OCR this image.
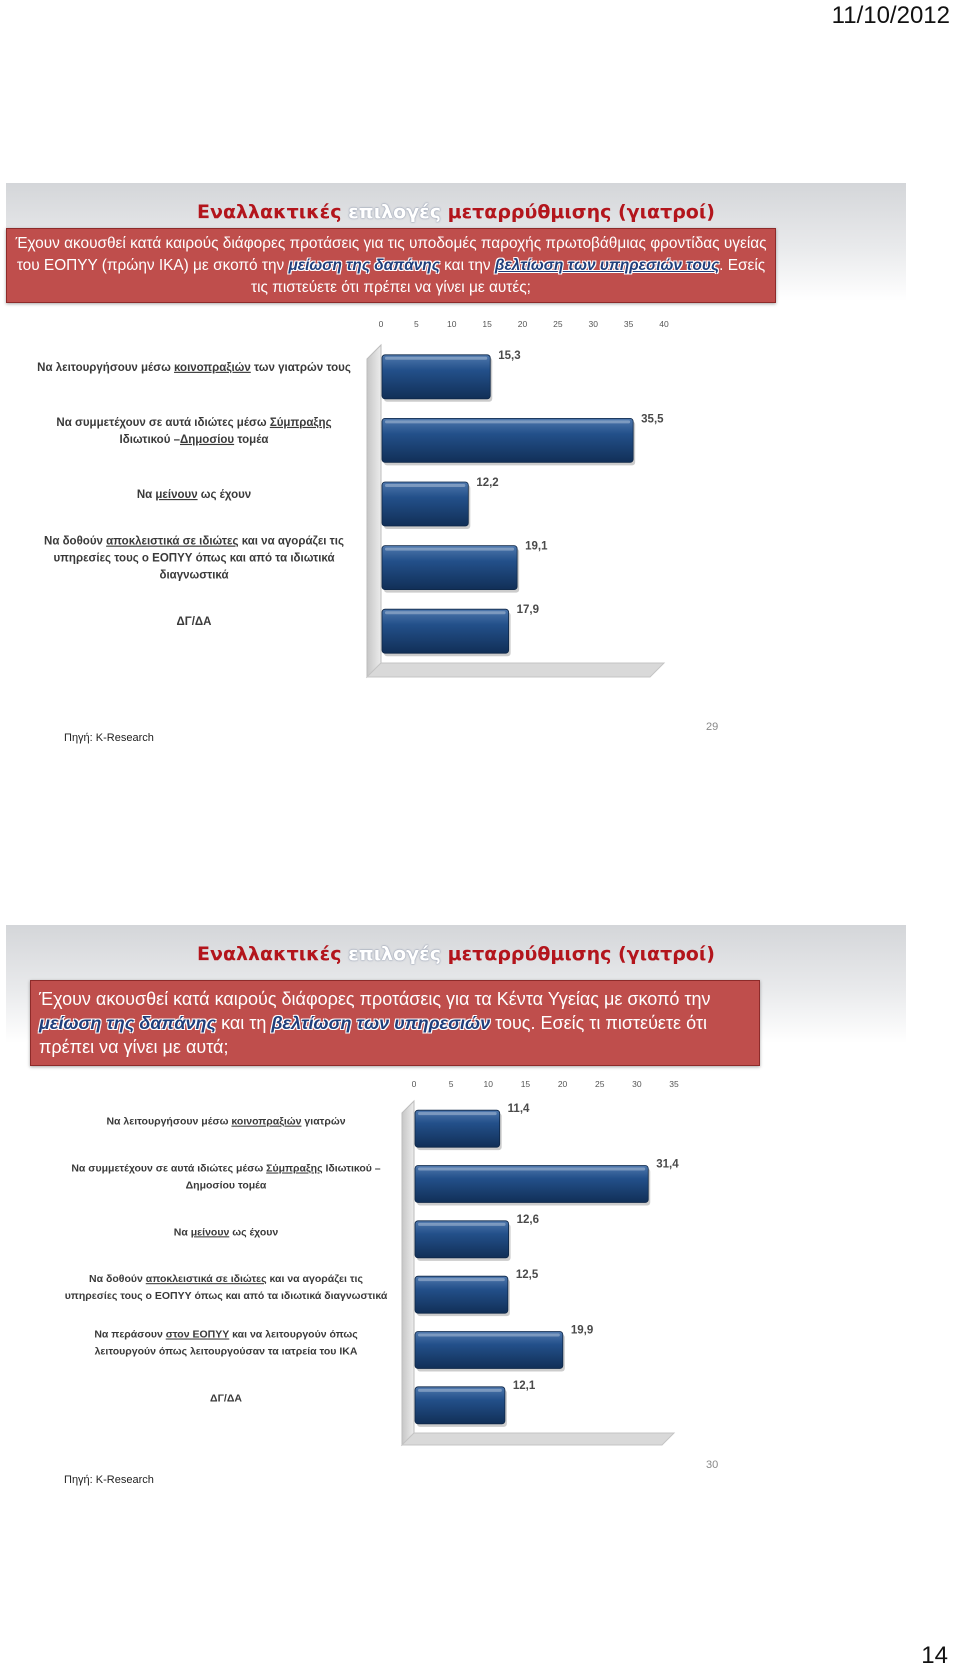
11/10/2012
Εναλλακτικές επιλογές μεταρρύθμισης (γιατροί)

Έχουν ακουσθεί κατά καιρούς διάφορες προτάσεις για τις υποδομές παροχής πρωτοβάθμιας φροντίδας υγείας του ΕΟΠΥΥ (πρώην ΙΚΑ) με σκοπό την μείωση της δαπάνης και την βελτίωση των υπηρεσιών τους. Εσείς τις πιστεύετε ότι πρέπει να γίνει με αυτές;

0	5	10	15	20	25	30	35	40
15,3
Να λειτουργήσουν μέσω κοινοπραξιών των γιατρών τους
35,5
Να συμμετέχουν σε αυτά ιδιώτες μέσω Σύμπραξης
Ιδιωτικού –Δημοσίου τομέα
12,2
Να μείνουν ως έχουν
19,1
Να δοθούν αποκλειστικά σε ιδιώτες και να αγοράζει τις
υπηρεσίες τους ο ΕΟΠΥΥ όπως και από τα ιδιωτικά
διαγνωστικά
17,9
ΔΓ/ΔΑ
Πηγή: K-Research
29
Εναλλακτικές επιλογές μεταρρύθμισης (γιατροί)

Έχουν ακουσθεί κατά καιρούς διάφορες προτάσεις για τα Κέντα Υγείας με σκοπό την μείωση της δαπάνης και τη βελτίωση των υπηρεσιών τους. Εσείς τι πιστεύετε ότι πρέπει να γίνει με αυτά;

0	5	10	15	20	25	30	35
11,4
Να λειτουργήσουν μέσω κοινοπραξιών γιατρών
31,4
Να συμμετέχουν σε αυτά ιδιώτες μέσω Σύμπραξης Ιδιωτικού –
Δημοσίου τομέα
12,6
Να μείνουν ως έχουν
12,5
Να δοθούν αποκλειστικά σε ιδιώτες και να αγοράζει τις
υπηρεσίες τους ο ΕΟΠΥΥ όπως και από τα ιδιωτικά διαγνωστικά
19,9
Να περάσουν στον ΕΟΠΥΥ και να λειτουργούν όπως
λειτουργούν όπως λειτουργούσαν τα ιατρεία του ΙΚΑ
12,1
ΔΓ/ΔΑ
Πηγή: K-Research
30
14
